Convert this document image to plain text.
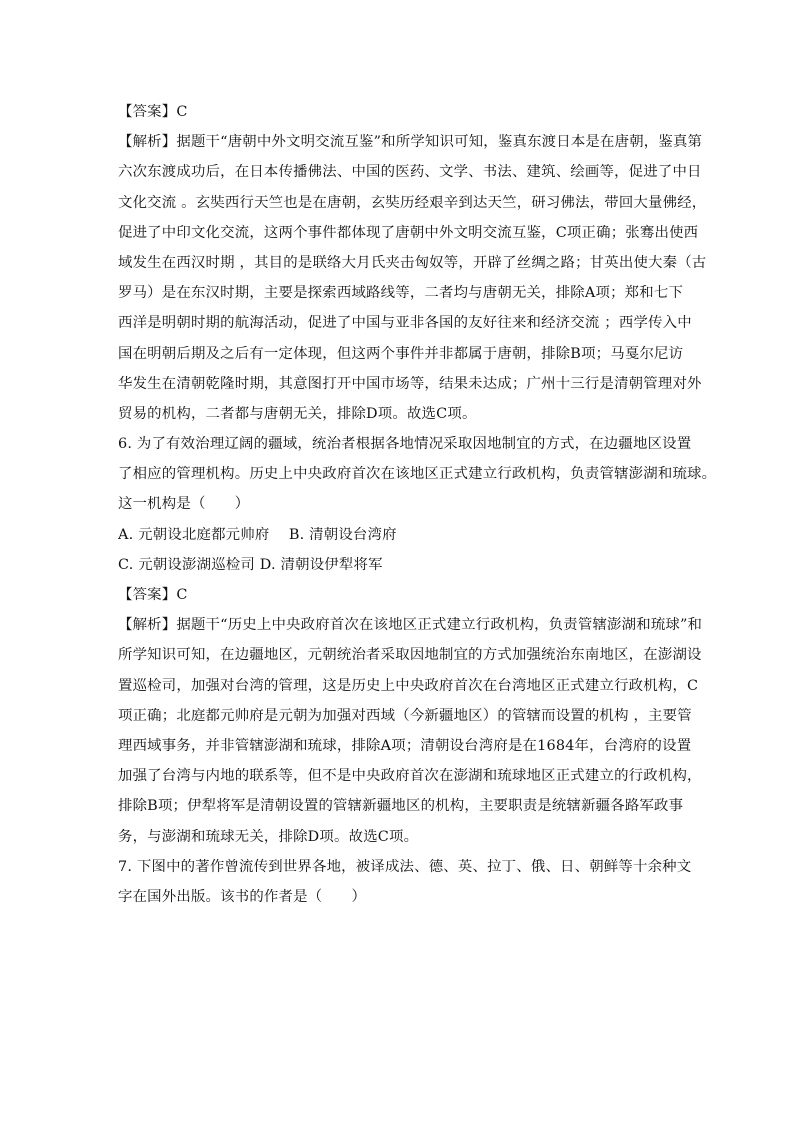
【答案】C
【解析】据题干“唐朝中外文明交流互鉴”和所学知识可知，鉴真东渡日本是在唐朝，鉴真第
六次东渡成功后，在日本传播佛法、中国的医药、文学、书法、建筑、绘画等，促进了中日
文化交流 。玄奘西行天竺也是在唐朝，玄奘历经艰辛到达天竺，研习佛法，带回大量佛经，
促进了中印文化交流，这两个事件都体现了唐朝中外文明交流互鉴，C项正确；张骞出使西
域发生在西汉时期 ，其目的是联络大月氏夹击匈奴等，开辟了丝绸之路；甘英出使大秦（古
罗马）是在东汉时期，主要是探索西域路线等，二者均与唐朝无关，排除A项；郑和七下
西洋是明朝时期的航海活动，促进了中国与亚非各国的友好往来和经济交流 ；西学传入中
国在明朝后期及之后有一定体现，但这两个事件并非都属于唐朝，排除B项；马戛尔尼访
华发生在清朝乾隆时期，其意图打开中国市场等，结果未达成；广州十三行是清朝管理对外
贸易的机构，二者都与唐朝无关，排除D项。故选C项。
6. 为了有效治理辽阔的疆域，统治者根据各地情况采取因地制宜的方式，在边疆地区设置
了相应的管理机构。历史上中央政府首次在该地区正式建立行政机构，负责管辖澎湖和琉球。
这一机构是（　　）
A. 元朝设北庭都元帅府　 B. 清朝设台湾府
C. 元朝设澎湖巡检司 D. 清朝设伊犁将军
【答案】C
【解析】据题干“历史上中央政府首次在该地区正式建立行政机构，负责管辖澎湖和琉球”和
所学知识可知，在边疆地区，元朝统治者采取因地制宜的方式加强统治东南地区，在澎湖设
置巡检司，加强对台湾的管理，这是历史上中央政府首次在台湾地区正式建立行政机构，C
项正确；北庭都元帅府是元朝为加强对西域（今新疆地区）的管辖而设置的机构 ，主要管
理西域事务，并非管辖澎湖和琉球，排除A项；清朝设台湾府是在1684年，台湾府的设置
加强了台湾与内地的联系等，但不是中央政府首次在澎湖和琉球地区正式建立的行政机构，
排除B项；伊犁将军是清朝设置的管辖新疆地区的机构，主要职责是统辖新疆各路军政事
务，与澎湖和琉球无关，排除D项。故选C项。
7. 下图中的著作曾流传到世界各地，被译成法、德、英、拉丁、俄、日、朝鲜等十余种文
字在国外出版。该书的作者是（　　）
